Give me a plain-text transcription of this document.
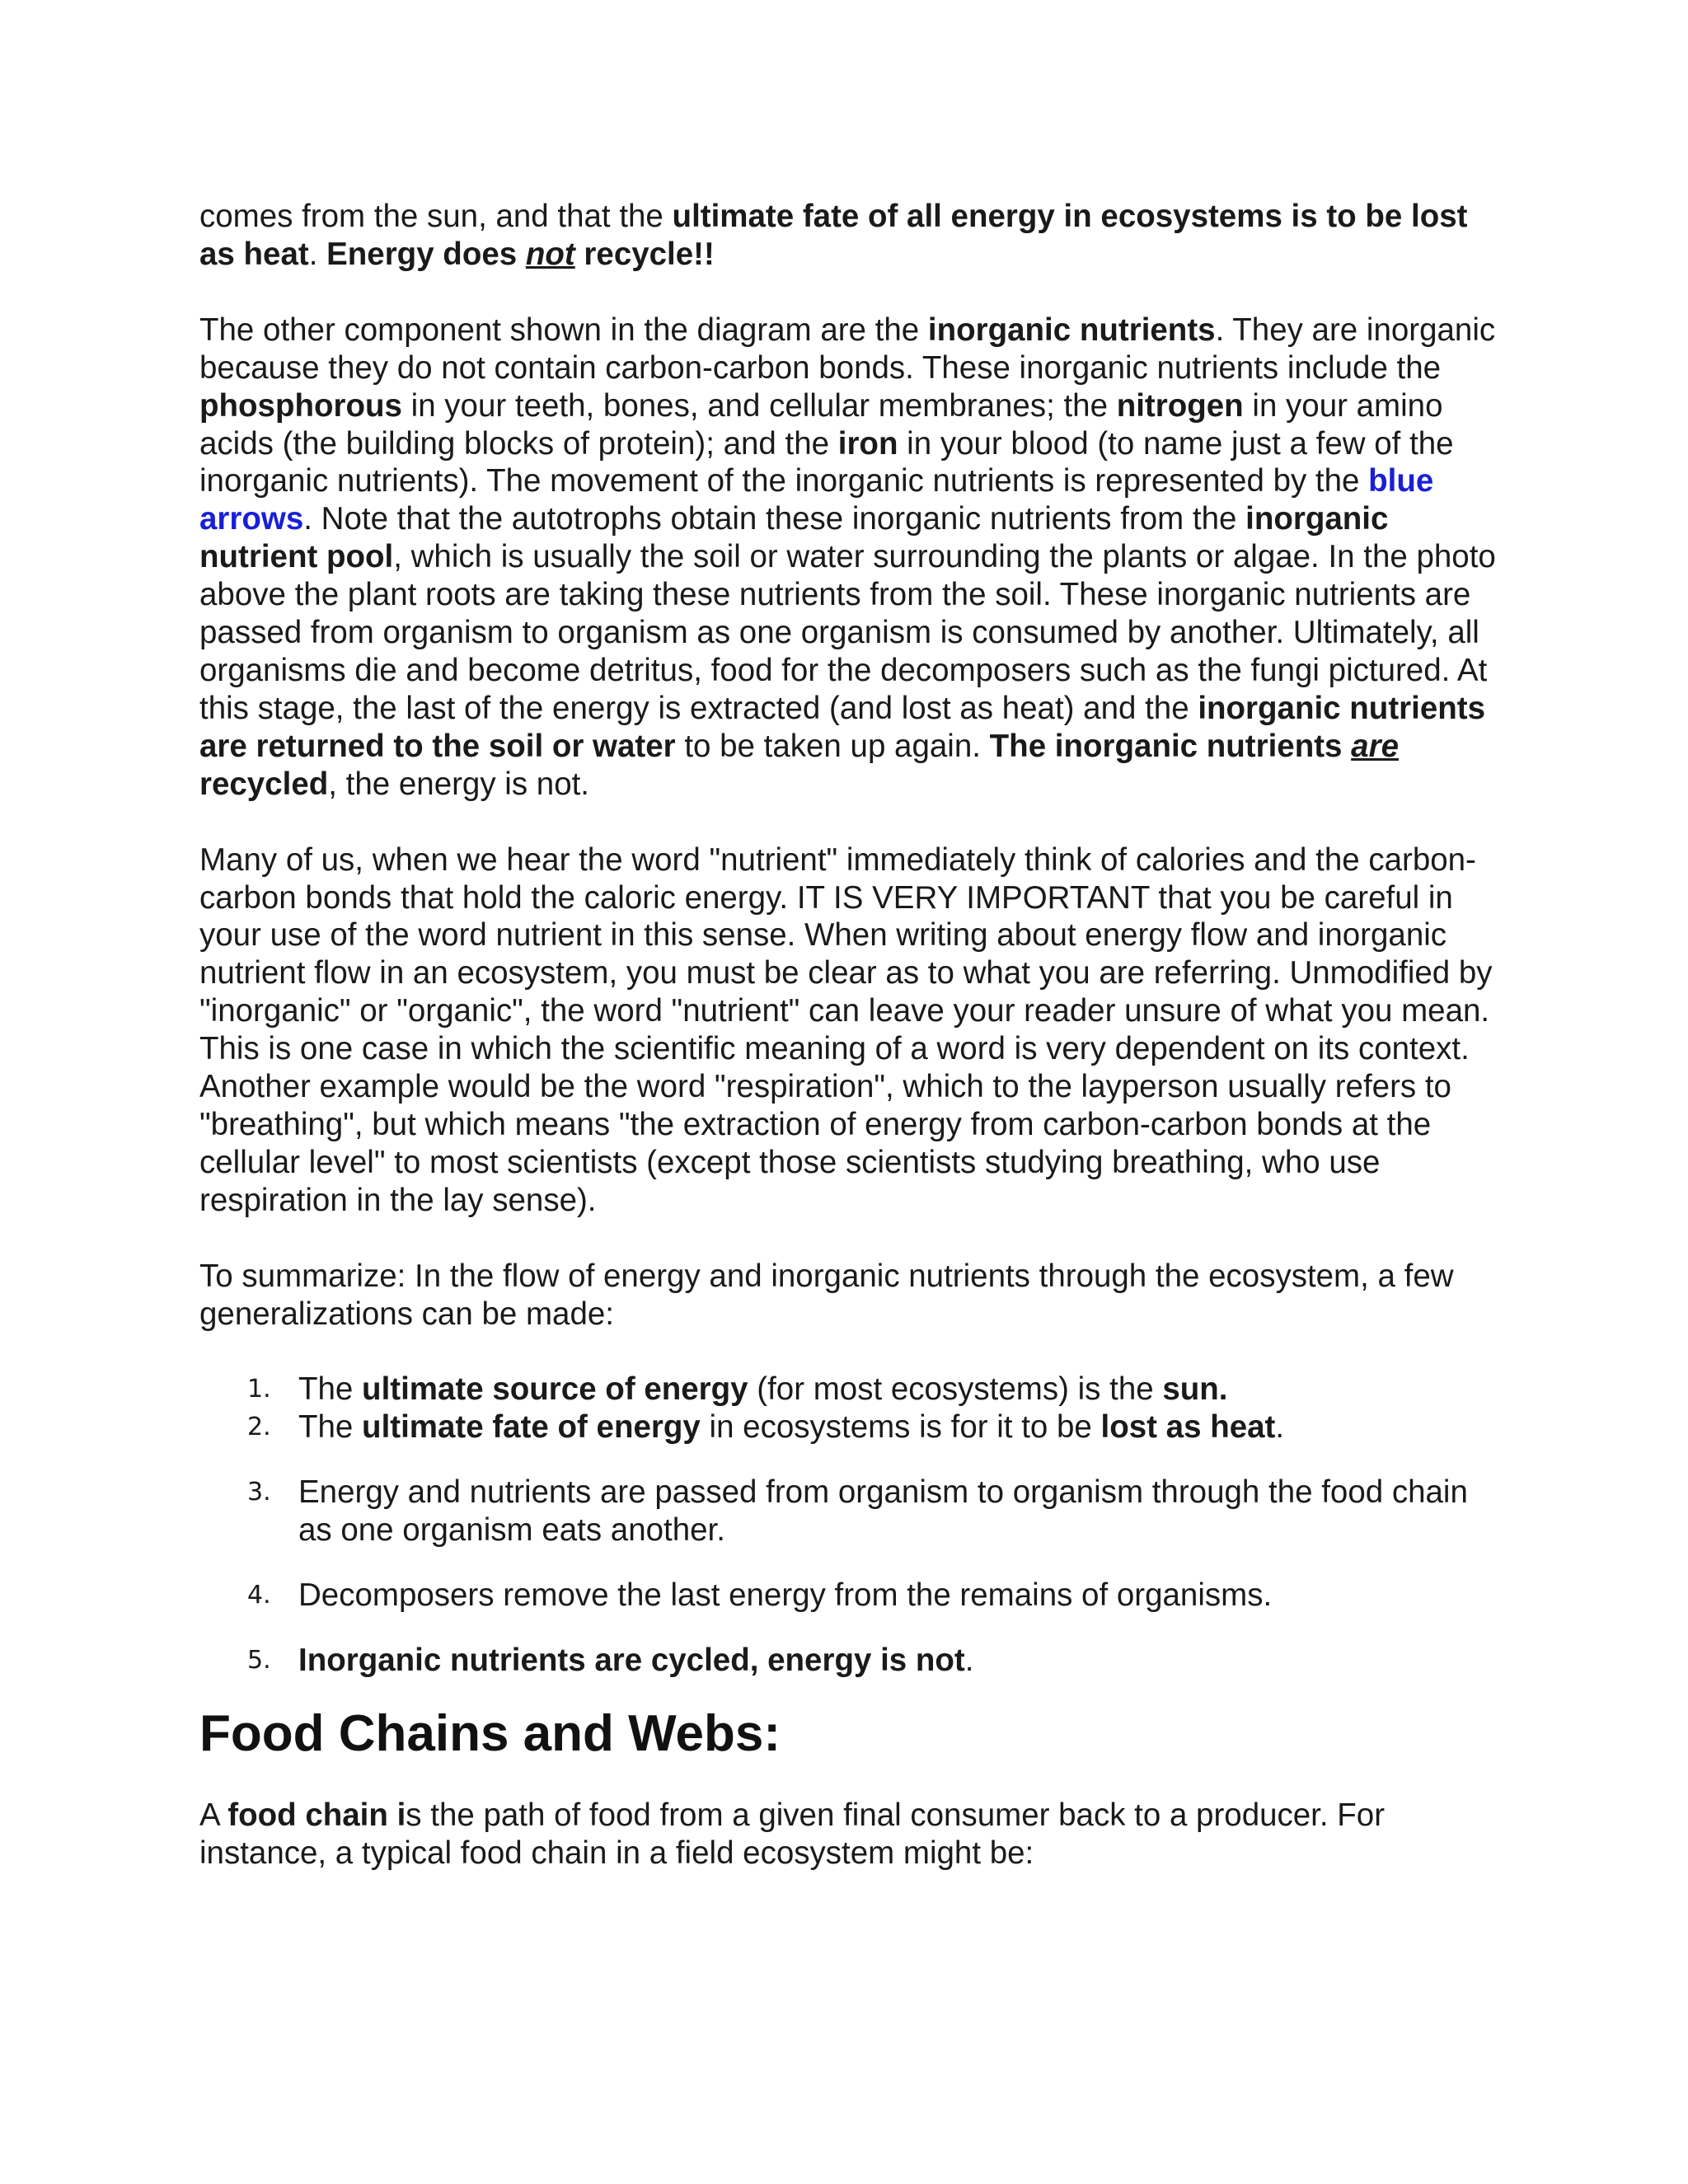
comes from the sun, and that the ultimate fate of all energy in ecosystems is to be lost as heat. Energy does not recycle!!

The other component shown in the diagram are the inorganic nutrients. They are inorganic because they do not contain carbon-carbon bonds. These inorganic nutrients include the phosphorous in your teeth, bones, and cellular membranes; the nitrogen in your amino acids (the building blocks of protein); and the iron in your blood (to name just a few of the inorganic nutrients). The movement of the inorganic nutrients is represented by the blue arrows. Note that the autotrophs obtain these inorganic nutrients from the inorganic nutrient pool, which is usually the soil or water surrounding the plants or algae. In the photo above the plant roots are taking these nutrients from the soil. These inorganic nutrients are passed from organism to organism as one organism is consumed by another. Ultimately, all organisms die and become detritus, food for the decomposers such as the fungi pictured. At this stage, the last of the energy is extracted (and lost as heat) and the inorganic nutrients are returned to the soil or water to be taken up again. The inorganic nutrients are recycled, the energy is not.

Many of us, when we hear the word "nutrient" immediately think of calories and the carbon-carbon bonds that hold the caloric energy. IT IS VERY IMPORTANT that you be careful in your use of the word nutrient in this sense. When writing about energy flow and inorganic nutrient flow in an ecosystem, you must be clear as to what you are referring. Unmodified by "inorganic" or "organic", the word "nutrient" can leave your reader unsure of what you mean. This is one case in which the scientific meaning of a word is very dependent on its context. Another example would be the word "respiration", which to the layperson usually refers to "breathing", but which means "the extraction of energy from carbon-carbon bonds at the cellular level" to most scientists (except those scientists studying breathing, who use respiration in the lay sense).

To summarize: In the flow of energy and inorganic nutrients through the ecosystem, a few generalizations can be made:

1. The ultimate source of energy (for most ecosystems) is the sun.
2. The ultimate fate of energy in ecosystems is for it to be lost as heat.
3. Energy and nutrients are passed from organism to organism through the food chain as one organism eats another.
4. Decomposers remove the last energy from the remains of organisms.
5. Inorganic nutrients are cycled, energy is not.
Food Chains and Webs:

A food chain is the path of food from a given final consumer back to a producer. For instance, a typical food chain in a field ecosystem might be:
